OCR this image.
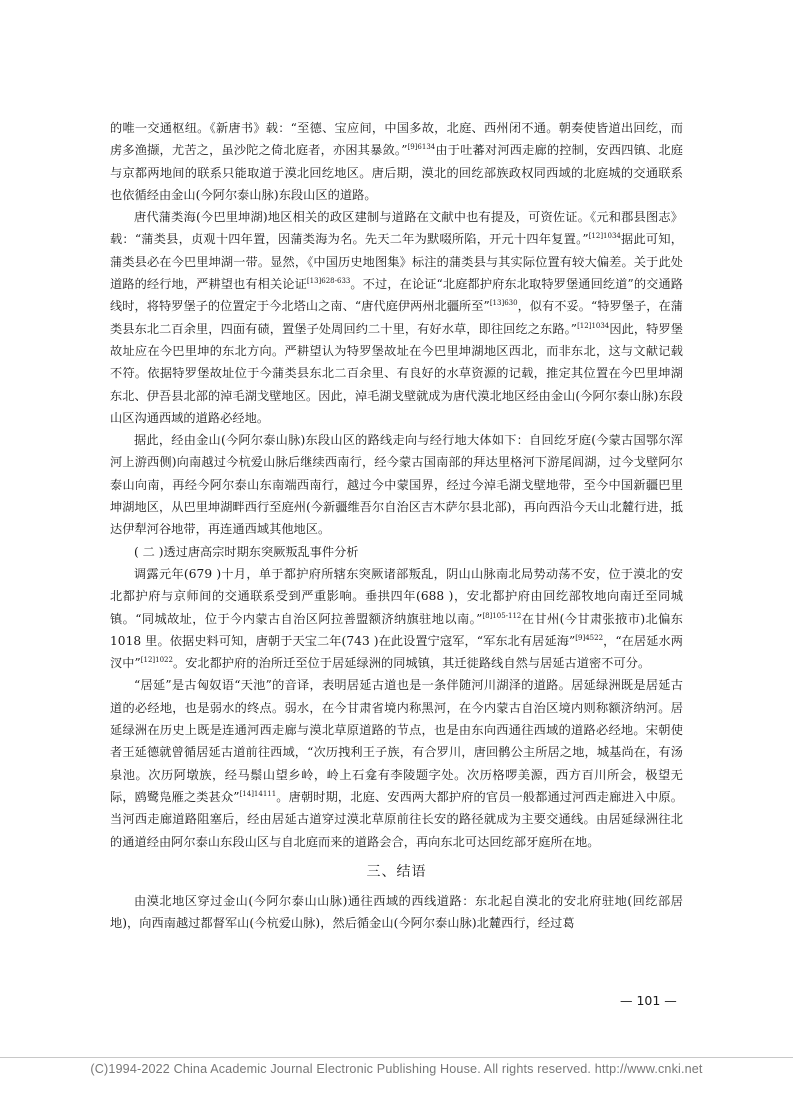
的唯一交通枢纽。《新唐书》载：“至德、宝应间，中国多故，北庭、西州闭不通。朝奏使皆道出回纥，而虏多渔撷，尤苦之，虽沙陀之倚北庭者，亦困其暴敛。”$^{[9]6134}$由于吐蕃对河西走廊的控制，安西四镇、北庭与京都两地间的联系只能取道于漠北回纥地区。唐后期，漠北的回纥部族政权同西域的北庭城的交通联系也依循经由金山(今阿尔泰山脉)东段山区的道路。

唐代蒲类海(今巴里坤湖)地区相关的政区建制与道路在文献中也有提及，可资佐证。《元和郡县图志》载：“蒲类县，贞观十四年置，因蒲类海为名。先天二年为默啜所陷，开元十四年复置。”$^{[12]1034}$据此可知，蒲类县必在今巴里坤湖一带。显然，《中国历史地图集》标注的蒲类县与其实际位置有较大偏差。关于此处道路的经行地，严耕望也有相关论证$^{[13]628-633}$。不过，在论证“北庭都护府东北取特罗堡通回纥道”的交通路线时，将特罗堡子的位置定于今北塔山之南、“唐代庭伊两州北疆所至”$^{[13]630}$，似有不妥。“特罗堡子，在蒲类县东北二百余里，四面有碛，置堡子处周回约二十里，有好水草，即往回纥之东路。”$^{[12]1034}$因此，特罗堡故址应在今巴里坤的东北方向。严耕望认为特罗堡故址在今巴里坤湖地区西北，而非东北，这与文献记载不符。依据特罗堡故址位于今蒲类县东北二百余里、有良好的水草资源的记载，推定其位置在今巴里坤湖东北、伊吾县北部的淖毛湖戈壁地区。因此，淖毛湖戈壁就成为唐代漠北地区经由金山(今阿尔泰山脉)东段山区沟通西域的道路必经地。

据此，经由金山(今阿尔泰山脉)东段山区的路线走向与经行地大体如下：自回纥牙庭(今蒙古国鄂尔浑河上游西侧)向南越过今杭爱山脉后继续西南行，经今蒙古国南部的拜达里格河下游尾闾湖，过今戈壁阿尔泰山向南，再经今阿尔泰山东南端西南行，越过今中蒙国界，经过今淖毛湖戈壁地带，至今中国新疆巴里坤湖地区，从巴里坤湖畔西行至庭州(今新疆维吾尔自治区吉木萨尔县北部)，再向西沿今天山北麓行进，抵达伊犁河谷地带，再连通西域其他地区。

( 二 )透过唐高宗时期东突厥叛乱事件分析

调露元年(679 )十月，单于都护府所辖东突厥诸部叛乱，阴山山脉南北局势动荡不安，位于漠北的安北都护府与京师间的交通联系受到严重影响。垂拱四年(688 )，安北都护府由回纥部牧地向南迁至同城镇。“同城故址，位于今内蒙古自治区阿拉善盟额济纳旗驻地以南。”$^{[8]105-112}$在甘州(今甘肃张掖市)北偏东 1018 里。依据史料可知，唐朝于天宝二年(743 )在此设置宁寇军，“军东北有居延海”$^{[9]4522}$，“在居延水两汊中”$^{[12]1022}$。安北都护府的治所迁至位于居延绿洲的同城镇，其迁徙路线自然与居延古道密不可分。

“居延”是古匈奴语“天池”的音译，表明居延古道也是一条伴随河川湖泽的道路。居延绿洲既是居延古道的必经地，也是弱水的终点。弱水，在今甘肃省境内称黑河，在今内蒙古自治区境内则称额济纳河。居延绿洲在历史上既是连通河西走廊与漠北草原道路的节点，也是由东向西通往西域的道路必经地。宋朝使者王延德就曾循居延古道前往西域，“次历拽利王子族，有合罗川，唐回鹘公主所居之地，城基尚在，有汤泉池。次历阿墩族，经马鬃山望乡岭，岭上石龛有李陵题字处。次历格啰美源，西方百川所会，极望无际，鸥鹭凫雁之类甚众”$^{[14]14111}$。唐朝时期，北庭、安西两大都护府的官员一般都通过河西走廊进入中原。当河西走廊道路阻塞后，经由居延古道穿过漠北草原前往长安的路径就成为主要交通线。由居延绿洲往北的通道经由阿尔泰山东段山区与自北庭而来的道路会合，再向东北可达回纥部牙庭所在地。

三、结语

由漠北地区穿过金山(今阿尔泰山山脉)通往西域的西线道路：东北起自漠北的安北府驻地(回纥部居地)，向西南越过都督军山(今杭爱山脉)，然后循金山(今阿尔泰山脉)北麓西行，经过葛

— 101 —
(C)1994-2022 China Academic Journal Electronic Publishing House. All rights reserved. http://www.cnki.net
